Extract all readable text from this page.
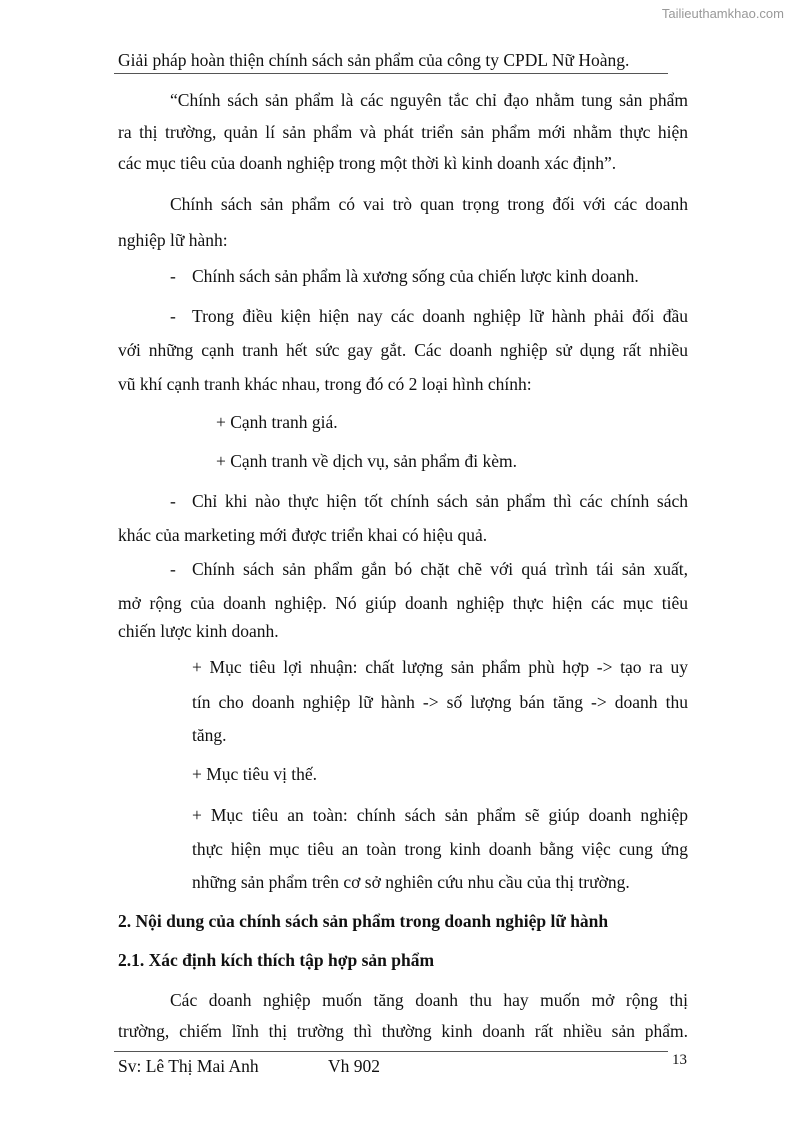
Tailieuthamkhao.com
Giải pháp hoàn thiện chính sách sản phẩm của công ty CPDL Nữ Hoàng.
“Chính sách sản phẩm là các nguyên tắc chỉ đạo nhằm tung sản phẩm
ra thị trường, quản lí sản phẩm và phát triển sản phẩm mới nhằm thực hiện
các mục tiêu của doanh nghiệp trong một thời kì kinh doanh xác định”.
Chính sách sản phẩm có vai trò quan trọng trong đối với các doanh
nghiệp lữ hành:
- Chính sách sản phẩm là xương sống của chiến lược kinh doanh.
- Trong điều kiện hiện nay các doanh nghiệp lữ hành phải đối đầu
với những cạnh tranh hết sức gay gắt. Các doanh nghiệp sử dụng rất nhiều
vũ khí cạnh tranh khác nhau, trong đó có 2 loại hình chính:
+ Cạnh tranh giá.
+ Cạnh tranh về dịch vụ, sản phẩm đi kèm.
- Chỉ khi nào thực hiện tốt chính sách sản phẩm thì các chính sách
khác của marketing mới được triển khai có hiệu quả.
- Chính sách sản phẩm gắn bó chặt chẽ với quá trình tái sản xuất,
mở rộng của doanh nghiệp. Nó giúp doanh nghiệp thực hiện các mục tiêu
chiến lược kinh doanh.
+ Mục tiêu lợi nhuận: chất lượng sản phẩm phù hợp -> tạo ra uy
tín cho doanh nghiệp lữ hành -> số lượng bán tăng -> doanh thu
tăng.
+ Mục tiêu vị thế.
+ Mục tiêu an toàn: chính sách sản phẩm sẽ giúp doanh nghiệp
thực hiện mục tiêu an toàn trong kinh doanh bằng việc cung ứng
những sản phẩm trên cơ sở nghiên cứu nhu cầu của thị trường.
2. Nội dung của chính sách sản phẩm trong doanh nghiệp lữ hành
2.1. Xác định kích thích tập hợp sản phẩm
Các doanh nghiệp muốn tăng doanh thu hay muốn mở rộng thị
trường, chiếm lĩnh thị trường thì thường kinh doanh rất nhiều sản phẩm.
Sv: Lê Thị Mai Anh	Vh 902	13
